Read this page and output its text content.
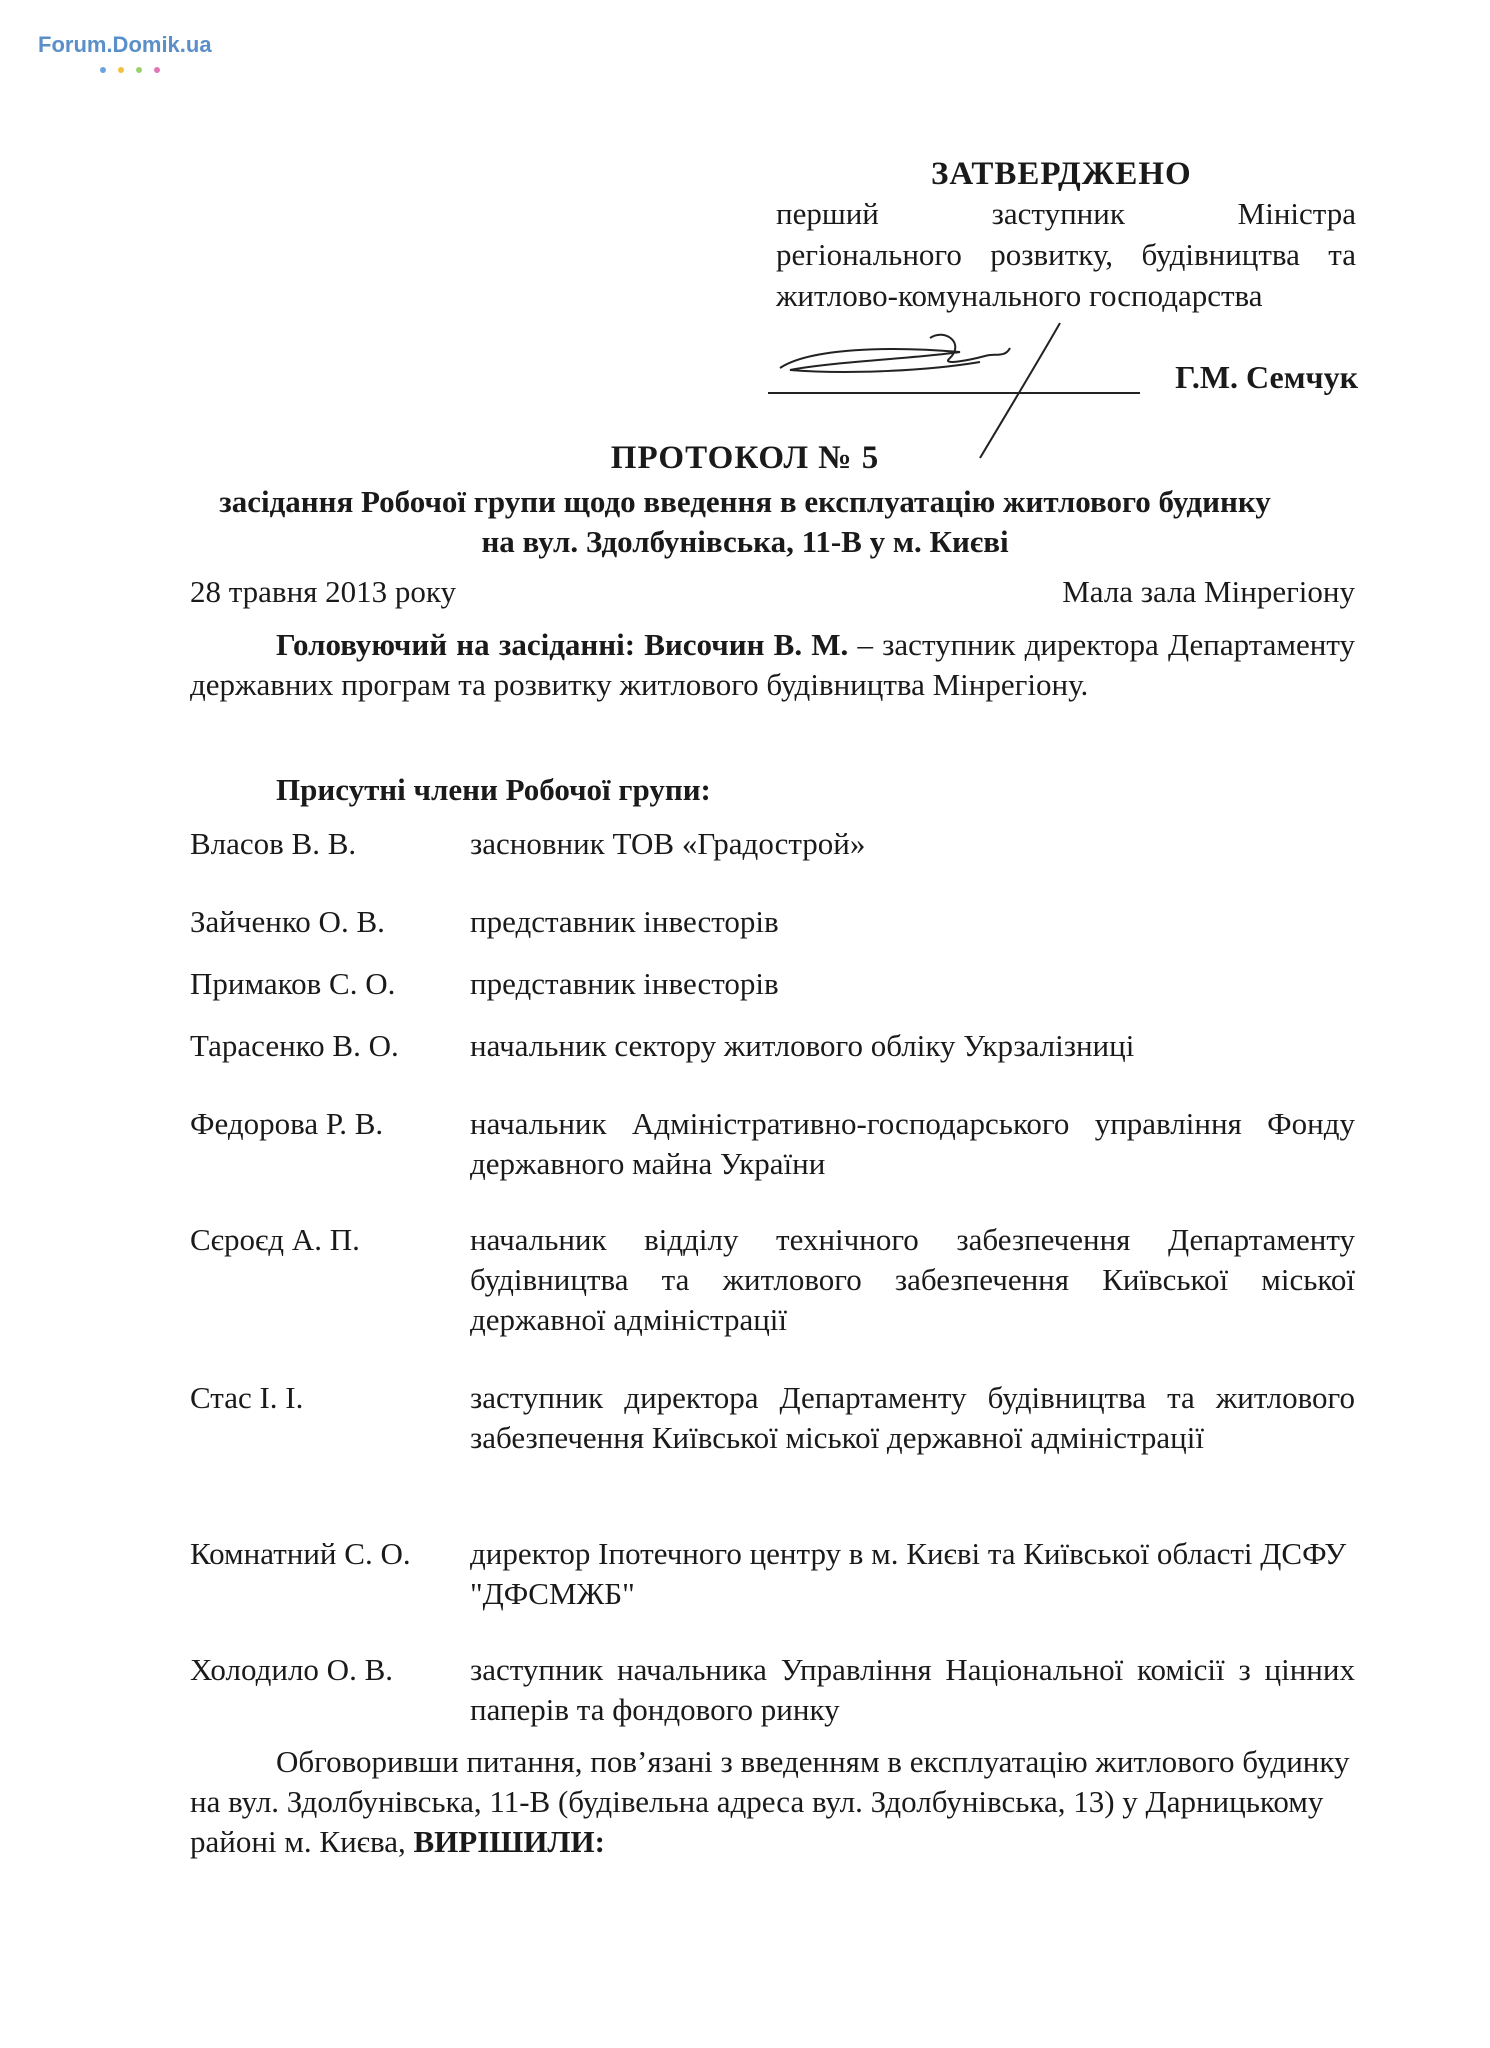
Forum.Domik.ua
ЗАТВЕРДЖЕНО
перший заступник Міністра
регіонального розвитку, будівництва та
житлово-комунального господарства
Г.М. Семчук
ПРОТОКОЛ № 5
засідання Робочої групи щодо введення в експлуатацію житлового будинку
на вул. Здолбунівська, 11-В у м. Києві
28 травня 2013 року	Мала зала Мінрегіону
Головуючий на засіданні: Височин В. М. – заступник директора Департаменту державних програм та розвитку житлового будівництва Мінрегіону.
Присутні члени Робочої групи:
Власов В. В.	засновник ТОВ «Градострой»
Зайченко О. В.	представник інвесторів
Примаков С. О. представник інвесторів
Тарасенко В. О. начальник сектору житлового обліку Укрзалізниці
Федорова Р. В.	начальник Адміністративно-господарського управління Фонду державного майна України
Сєроєд А. П.	начальник відділу технічного забезпечення Департаменту будівництва та житлового забезпечення Київської міської державної адміністрації
Стас І. І.	заступник директора Департаменту будівництва та житлового забезпечення Київської міської державної адміністрації
Комнатний С. О. директор Іпотечного центру в м. Києві та Київської області ДСФУ "ДФСМЖБ"
Холодило О. В. заступник начальника Управління Національної комісії з цінних паперів та фондового ринку
Обговоривши питання, пов’язані з введенням в експлуатацію житлового будинку на вул. Здолбунівська, 11-В (будівельна адреса вул. Здолбунівська, 13) у Дарницькому районі м. Києва, ВИРІШИЛИ:
